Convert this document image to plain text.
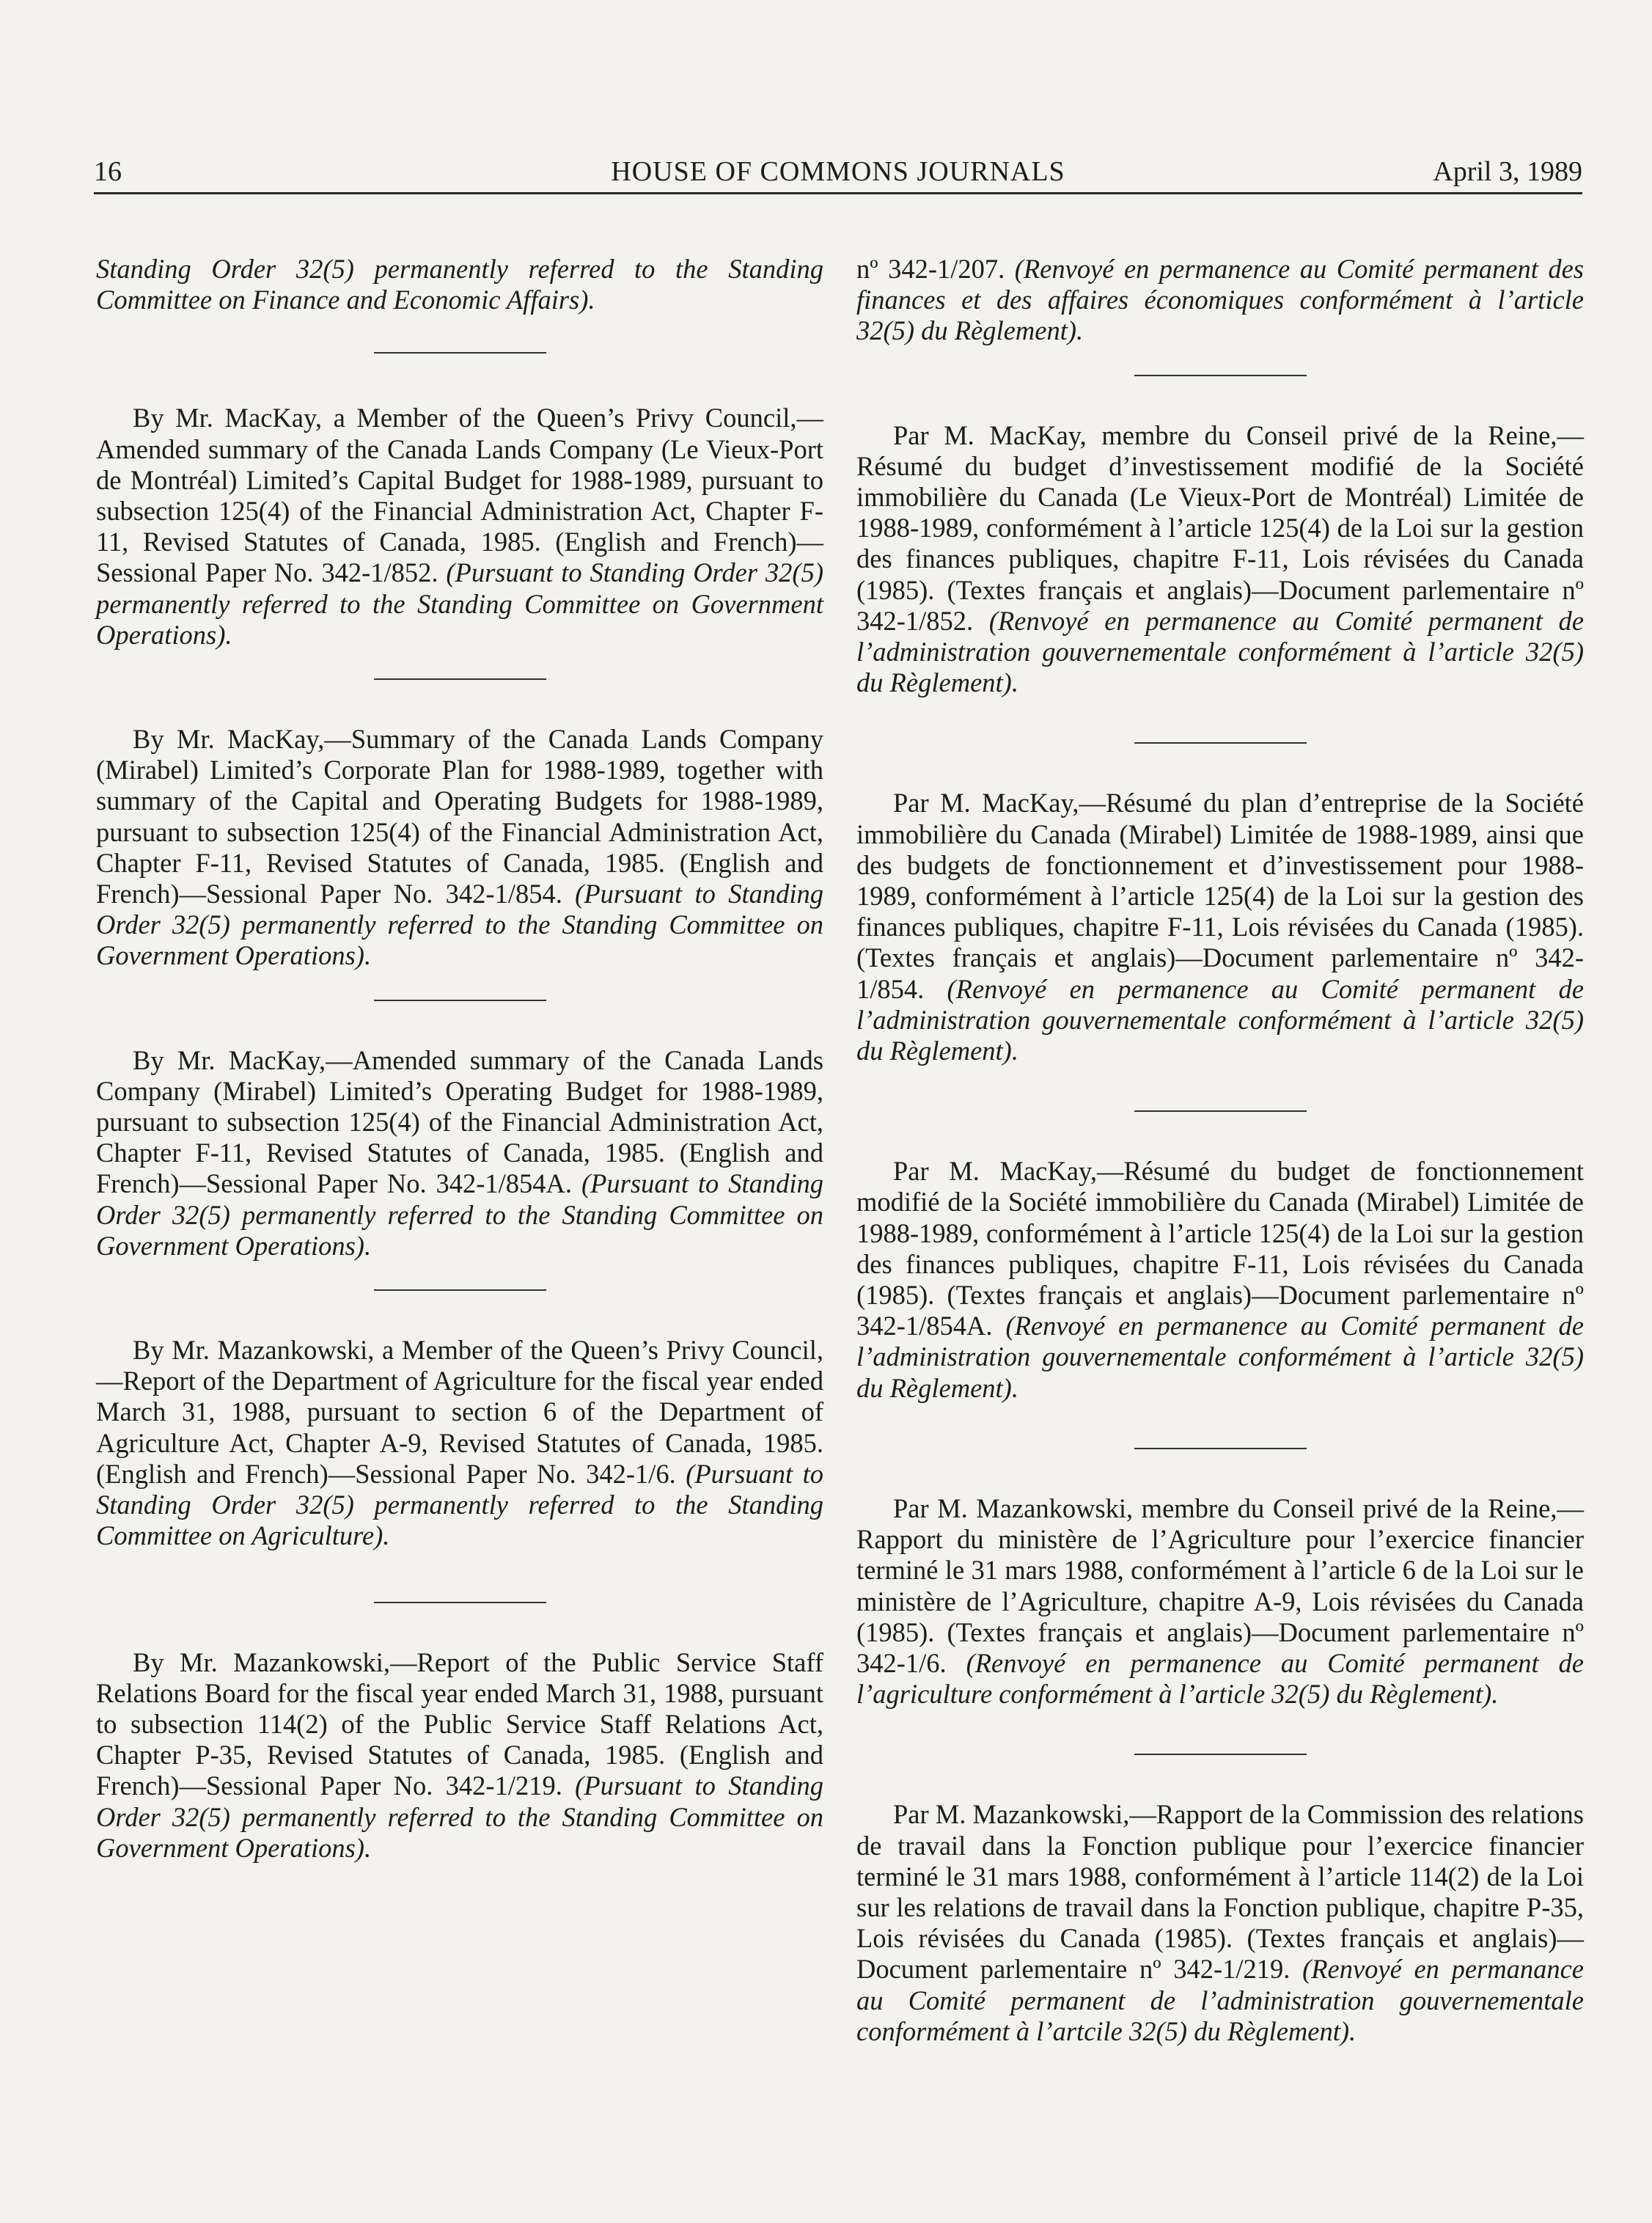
16	HOUSE OF COMMONS JOURNALS	April 3, 1989

Standing Order 32(5) permanently referred to the Standing Committee on Finance and Economic Affairs).

By Mr. MacKay, a Member of the Queen’s Privy Council,—Amended summary of the Canada Lands Company (Le Vieux-Port de Montréal) Limited’s Capital Budget for 1988-1989, pursuant to subsection 125(4) of the Financial Administration Act, Chapter F-11, Revised Statutes of Canada, 1985. (English and French)—Sessional Paper No. 342-1/852. (Pursuant to Standing Order 32(5) permanently referred to the Standing Committee on Government Operations).

By Mr. MacKay,—Summary of the Canada Lands Company (Mirabel) Limited’s Corporate Plan for 1988-1989, together with summary of the Capital and Operating Budgets for 1988-1989, pursuant to subsection 125(4) of the Financial Administration Act, Chapter F-11, Revised Statutes of Canada, 1985. (English and French)—Sessional Paper No. 342-1/854. (Pursuant to Standing Order 32(5) permanently referred to the Standing Committee on Government Operations).

By Mr. MacKay,—Amended summary of the Canada Lands Company (Mirabel) Limited’s Operating Budget for 1988-1989, pursuant to subsection 125(4) of the Financial Administration Act, Chapter F-11, Revised Statutes of Canada, 1985. (English and French)—Sessional Paper No. 342-1/854A. (Pursuant to Standing Order 32(5) permanently referred to the Standing Committee on Government Operations).

By Mr. Mazankowski, a Member of the Queen’s Privy Council,—Report of the Department of Agriculture for the fiscal year ended March 31, 1988, pursuant to section 6 of the Department of Agriculture Act, Chapter A-9, Revised Statutes of Canada, 1985. (English and French)—Sessional Paper No. 342-1/6. (Pursuant to Standing Order 32(5) permanently referred to the Standing Committee on Agriculture).

By Mr. Mazankowski,—Report of the Public Service Staff Relations Board for the fiscal year ended March 31, 1988, pursuant to subsection 114(2) of the Public Service Staff Relations Act, Chapter P-35, Revised Statutes of Canada, 1985. (English and French)—Sessional Paper No. 342-1/219. (Pursuant to Standing Order 32(5) permanently referred to the Standing Committee on Government Operations).

nº 342-1/207. (Renvoyé en permanence au Comité permanent des finances et des affaires économiques conformément à l’article 32(5) du Règlement).

Par M. MacKay, membre du Conseil privé de la Reine,—Résumé du budget d’investissement modifié de la Société immobilière du Canada (Le Vieux-Port de Montréal) Limitée de 1988-1989, conformément à l’article 125(4) de la Loi sur la gestion des finances publiques, chapitre F-11, Lois révisées du Canada (1985). (Textes français et anglais)—Document parlementaire nº 342-1/852. (Renvoyé en permanence au Comité permanent de l’administration gouvernementale conformément à l’article 32(5) du Règlement).

Par M. MacKay,—Résumé du plan d’entreprise de la Société immobilière du Canada (Mirabel) Limitée de 1988-1989, ainsi que des budgets de fonctionnement et d’investissement pour 1988-1989, conformément à l’article 125(4) de la Loi sur la gestion des finances publiques, chapitre F-11, Lois révisées du Canada (1985). (Textes français et anglais)—Document parlementaire nº 342-1/854. (Renvoyé en permanence au Comité permanent de l’administration gouvernementale conformément à l’article 32(5) du Règlement).

Par M. MacKay,—Résumé du budget de fonctionnement modifié de la Société immobilière du Canada (Mirabel) Limitée de 1988-1989, conformément à l’article 125(4) de la Loi sur la gestion des finances publiques, chapitre F-11, Lois révisées du Canada (1985). (Textes français et anglais)—Document parlementaire nº 342-1/854A. (Renvoyé en permanence au Comité permanent de l’administration gouvernementale conformément à l’article 32(5) du Règlement).

Par M. Mazankowski, membre du Conseil privé de la Reine,—Rapport du ministère de l’Agriculture pour l’exercice financier terminé le 31 mars 1988, conformément à l’article 6 de la Loi sur le ministère de l’Agriculture, chapitre A-9, Lois révisées du Canada (1985). (Textes français et anglais)—Document parlementaire nº 342-1/6. (Renvoyé en permanence au Comité permanent de l’agriculture conformément à l’article 32(5) du Règlement).

Par M. Mazankowski,—Rapport de la Commission des relations de travail dans la Fonction publique pour l’exercice financier terminé le 31 mars 1988, conformément à l’article 114(2) de la Loi sur les relations de travail dans la Fonction publique, chapitre P-35, Lois révisées du Canada (1985). (Textes français et anglais)—Document parlementaire nº 342-1/219. (Renvoyé en permanance au Comité permanent de l’administration gouvernementale conformément à l’artcile 32(5) du Règlement).
